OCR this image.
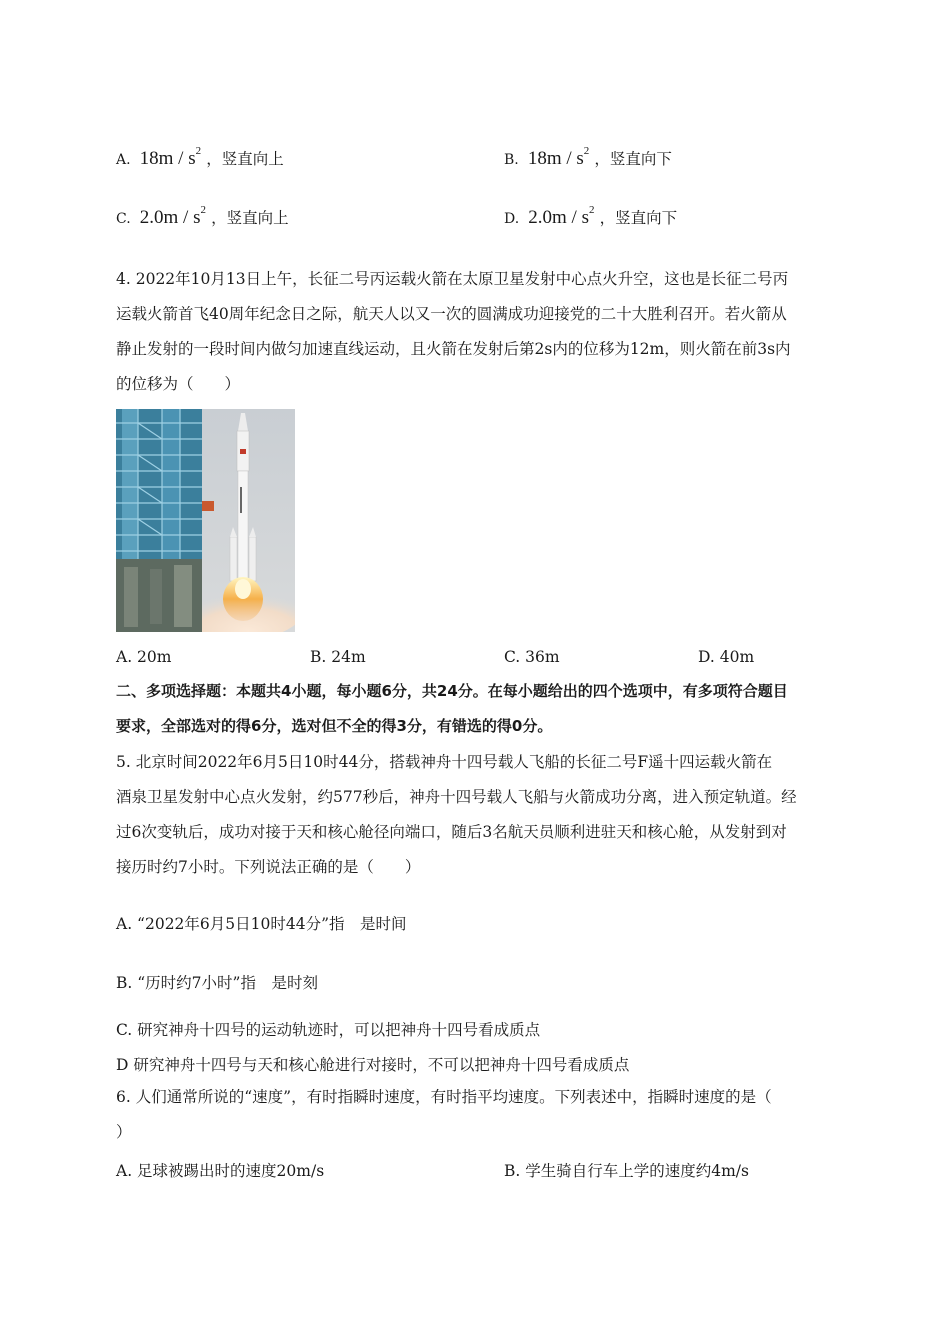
A. $18m / s^2$ ，竖直向上	B. $18m / s^2$ ，竖直向下
C. $2.0m / s^2$ ，竖直向上	D. $2.0m / s^2$ ，竖直向下

4. 2022年10月13日上午，长征二号丙运载火箭在太原卫星发射中心点火升空，这也是长征二号丙

运载火箭首飞40周年纪念日之际，航天人以又一次的圆满成功迎接党的二十大胜利召开。若火箭从

静止发射的一段时间内做匀加速直线运动，且火箭在发射后第2s内的位移为12m，则火箭在前3s内

的位移为（　　）

A. 20m	B. 24m	C. 36m	D. 40m

二、多项选择题：本题共4小题，每小题6分，共24分。在每小题给出的四个选项中，有多项符合题目

要求，全部选对的得6分，选对但不全的得3分，有错选的得0分。

5. 北京时间2022年6月5日10时44分，搭载神舟十四号载人飞船的长征二号F遥十四运载火箭在

酒泉卫星发射中心点火发射，约577秒后，神舟十四号载人飞船与火箭成功分离，进入预定轨道。经

过6次变轨后，成功对接于天和核心舱径向端口，随后3名航天员顺利进驻天和核心舱，从发射到对

接历时约7小时。下列说法正确的是（　　）

A. “2022年6月5日10时44分”指　是时间
B. “历时约7小时”指　是时刻
C. 研究神舟十四号的运动轨迹时，可以把神舟十四号看成质点
D 研究神舟十四号与天和核心舱进行对接时，不可以把神舟十四号看成质点

6. 人们通常所说的“速度”，有时指瞬时速度，有时指平均速度。下列表述中，指瞬时速度的是（

）

A. 足球被踢出时的速度20m/s	B. 学生骑自行车上学的速度约4m/s
